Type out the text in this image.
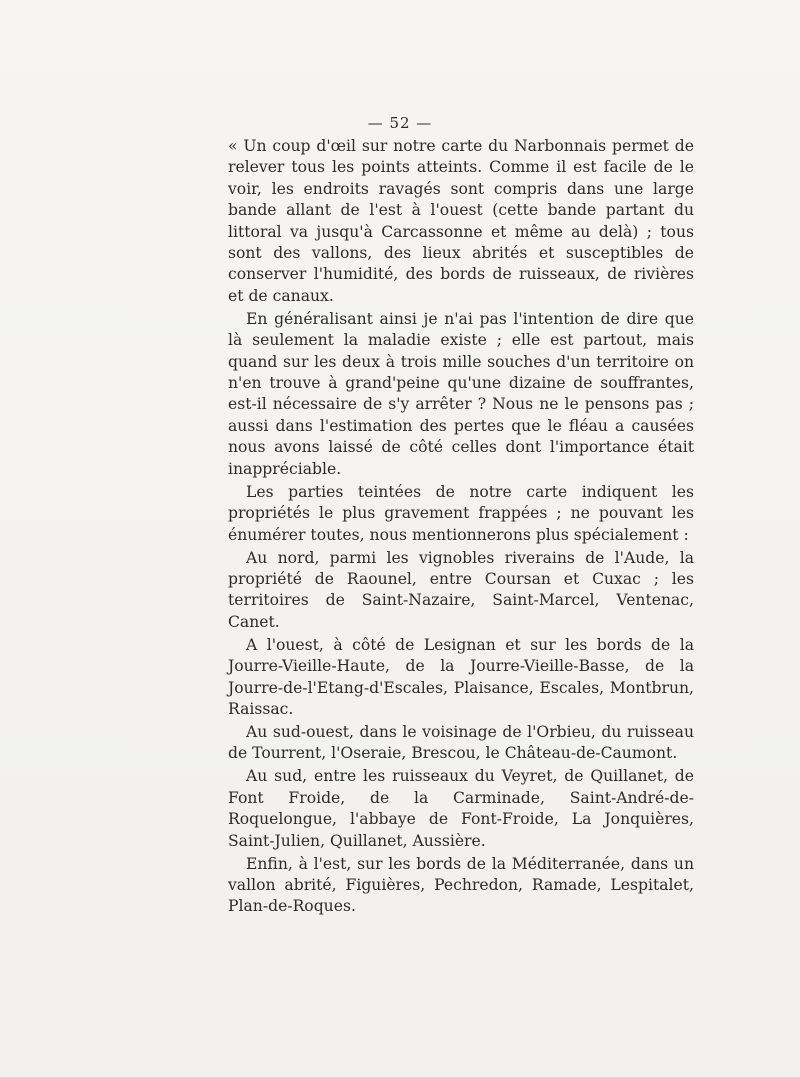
— 52 —

« Un coup d'œil sur notre carte du Narbonnais permet de relever tous les points atteints. Comme il est facile de le voir, les endroits ravagés sont compris dans une large bande allant de l'est à l'ouest (cette bande partant du littoral va jusqu'à Carcassonne et même au delà) ; tous sont des vallons, des lieux abrités et susceptibles de conserver l'humidité, des bords de ruisseaux, de rivières et de canaux.

En généralisant ainsi je n'ai pas l'intention de dire que là seulement la maladie existe ; elle est partout, mais quand sur les deux à trois mille souches d'un territoire on n'en trouve à grand'peine qu'une dizaine de souffrantes, est-il nécessaire de s'y arrêter ? Nous ne le pensons pas ; aussi dans l'estimation des pertes que le fléau a causées nous avons laissé de côté celles dont l'importance était inappréciable.

Les parties teintées de notre carte indiquent les propriétés le plus gravement frappées ; ne pouvant les énumérer toutes, nous mentionnerons plus spécialement :

Au nord, parmi les vignobles riverains de l'Aude, la propriété de Raounel, entre Coursan et Cuxac ; les territoires de Saint-Nazaire, Saint-Marcel, Ventenac, Canet.

A l'ouest, à côté de Lesignan et sur les bords de la Jourre-Vieille-Haute, de la Jourre-Vieille-Basse, de la Jourre-de-l'Etang-d'Escales, Plaisance, Escales, Montbrun, Raissac.

Au sud-ouest, dans le voisinage de l'Orbieu, du ruisseau de Tourrent, l'Oseraie, Brescou, le Château-de-Caumont.

Au sud, entre les ruisseaux du Veyret, de Quillanet, de Font Froide, de la Carminade, Saint-André-de-Roquelongue, l'abbaye de Font-Froide, La Jonquières, Saint-Julien, Quillanet, Aussière.

Enfin, à l'est, sur les bords de la Méditerranée, dans un vallon abrité, Figuières, Pechredon, Ramade, Lespitalet, Plan-de-Roques.
